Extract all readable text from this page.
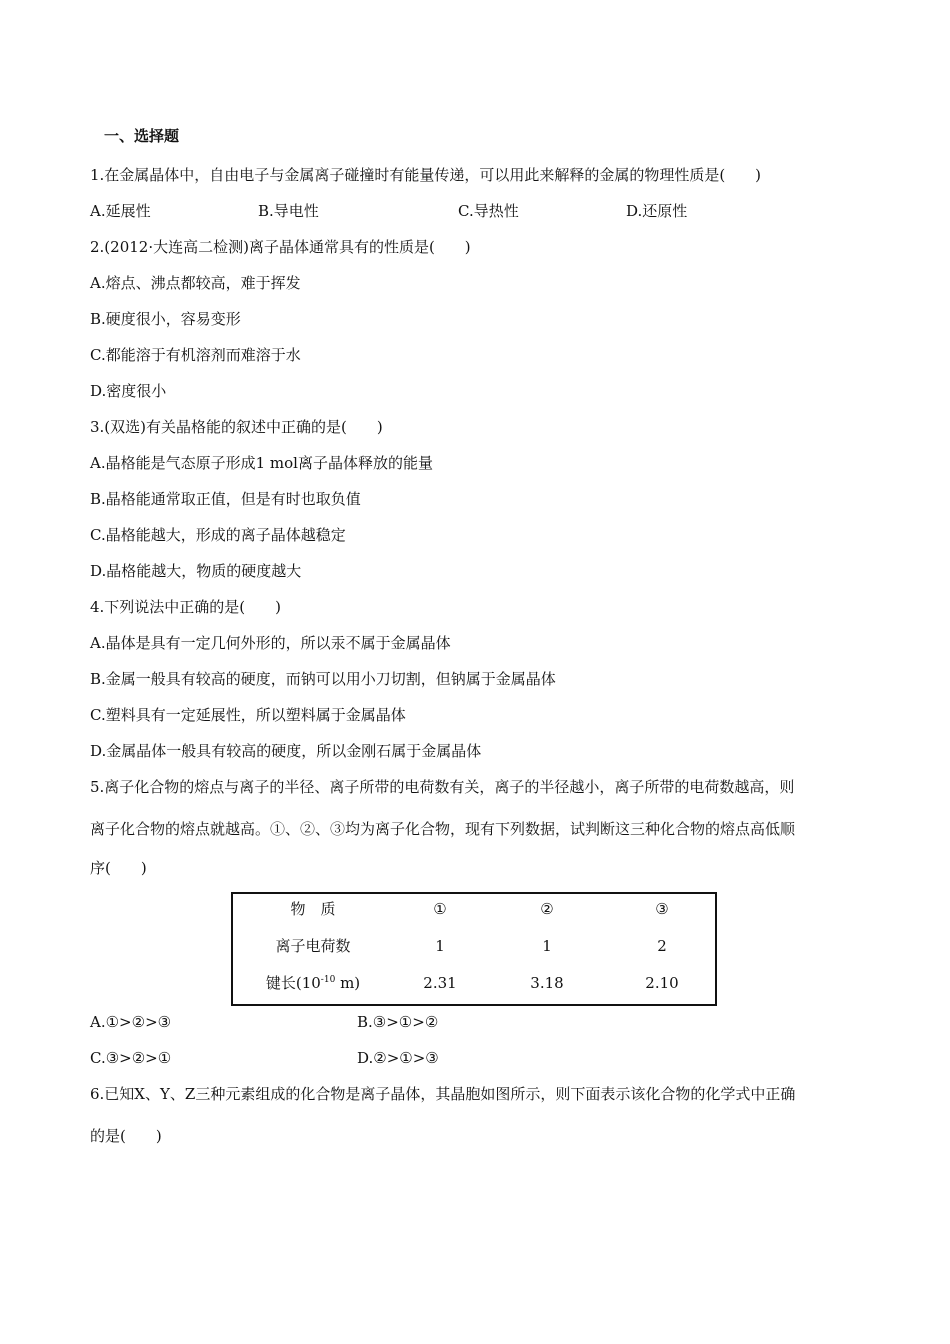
一、选择题
1.在金属晶体中，自由电子与金属离子碰撞时有能量传递，可以用此来解释的金属的物理性质是(　　)
A.延展性	B.导电性	C.导热性	D.还原性
2.(2012·大连高二检测)离子晶体通常具有的性质是(　　)
A.熔点、沸点都较高，难于挥发
B.硬度很小，容易变形
C.都能溶于有机溶剂而难溶于水
D.密度很小
3.(双选)有关晶格能的叙述中正确的是(　　)
A.晶格能是气态原子形成1 mol离子晶体释放的能量
B.晶格能通常取正值，但是有时也取负值
C.晶格能越大，形成的离子晶体越稳定
D.晶格能越大，物质的硬度越大
4.下列说法中正确的是(　　)
A.晶体是具有一定几何外形的，所以汞不属于金属晶体
B.金属一般具有较高的硬度，而钠可以用小刀切割，但钠属于金属晶体
C.塑料具有一定延展性，所以塑料属于金属晶体
D.金属晶体一般具有较高的硬度，所以金刚石属于金属晶体
5.离子化合物的熔点与离子的半径、离子所带的电荷数有关，离子的半径越小，离子所带的电荷数越高，则
离子化合物的熔点就越高。①、②、③均为离子化合物，现有下列数据，试判断这三种化合物的熔点高低顺
序(　　)
物　质	①	②	③
离子电荷数	1	1	2
键长($10^{-10}$ m)	2.31	3.18	2.10
A.①>②>③	B.③>①>②
C.③>②>①	D.②>①>③
6.已知X、Y、Z三种元素组成的化合物是离子晶体，其晶胞如图所示，则下面表示该化合物的化学式中正确
的是(　　)
